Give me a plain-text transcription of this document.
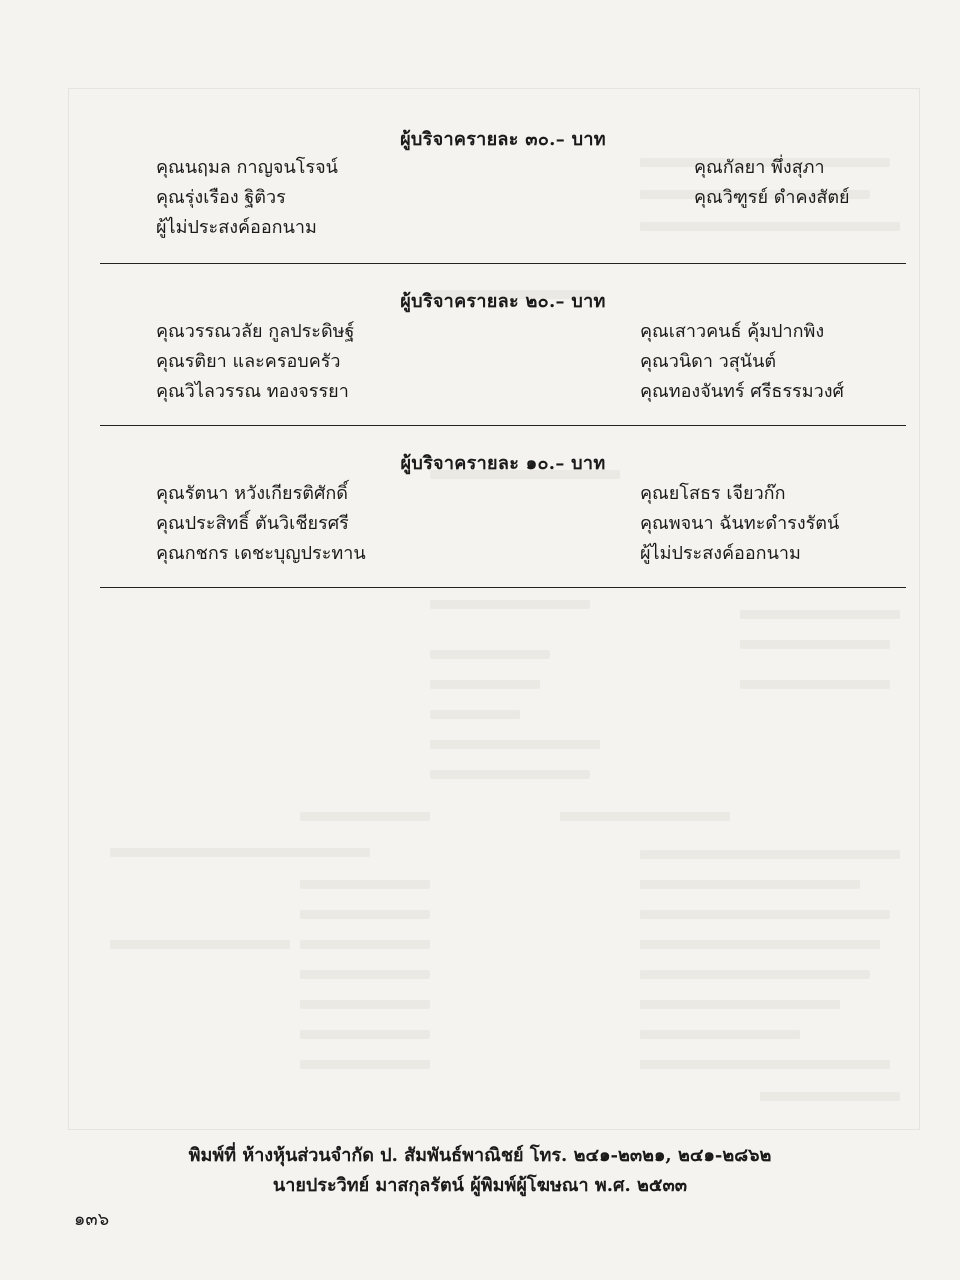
ผู้บริจาครายละ ๓๐.– บาท
คุณนฤมล กาญจนโรจน์
คุณรุ่งเรือง ฐิติวร
ผู้ไม่ประสงค์ออกนาม
คุณกัลยา พึ่งสุภา
คุณวิฑูรย์ ดำคงสัตย์
ผู้บริจาครายละ ๒๐.– บาท
คุณวรรณวลัย กูลประดิษฐ์
คุณรติยา และครอบครัว
คุณวิไลวรรณ ทองจรรยา
คุณเสาวคนธ์ คุ้มปากพิง
คุณวนิดา วสุนันต์
คุณทองจันทร์ ศรีธรรมวงศ์
ผู้บริจาครายละ ๑๐.– บาท
คุณรัตนา หวังเกียรติศักดิ์
คุณประสิทธิ์ ตันวิเชียรศรี
คุณกชกร เดชะบุญประทาน
คุณยโสธร เจียวก๊ก
คุณพจนา ฉันทะดำรงรัตน์
ผู้ไม่ประสงค์ออกนาม
พิมพ์ที่ ห้างหุ้นส่วนจำกัด ป. สัมพันธ์พาณิชย์ โทร. ๒๔๑-๒๓๒๑, ๒๔๑-๒๘๖๒
นายประวิทย์ มาสกุลรัตน์ ผู้พิมพ์ผู้โฆษณา พ.ศ. ๒๕๓๓
๑๓๖
